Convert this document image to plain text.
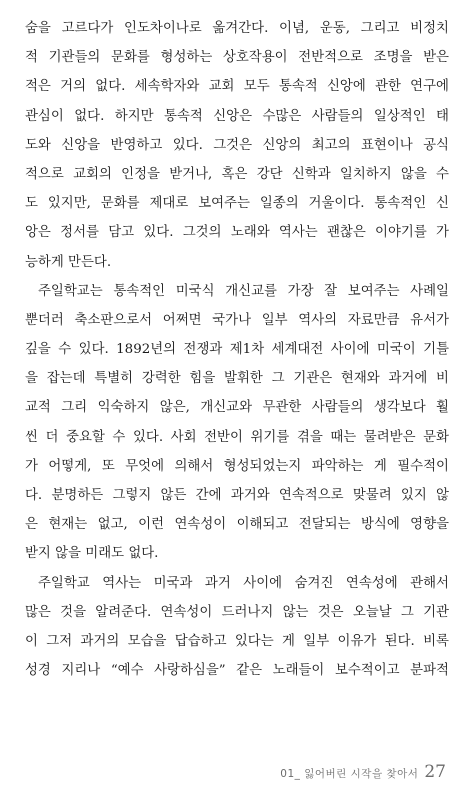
숨을 고르다가 인도차이나로 옮겨간다. 이념, 운동, 그리고 비정치
적 기관들의 문화를 형성하는 상호작용이 전반적으로 조명을 받은
적은 거의 없다. 세속학자와 교회 모두 통속적 신앙에 관한 연구에
관심이 없다. 하지만 통속적 신앙은 수많은 사람들의 일상적인 태
도와 신앙을 반영하고 있다. 그것은 신앙의 최고의 표현이나 공식
적으로 교회의 인정을 받거나, 혹은 강단 신학과 일치하지 않을 수
도 있지만, 문화를 제대로 보여주는 일종의 거울이다. 통속적인 신
앙은 정서를 담고 있다. 그것의 노래와 역사는 괜찮은 이야기를 가
능하게 만든다.
주일학교는 통속적인 미국식 개신교를 가장 잘 보여주는 사례일
뿐더러 축소판으로서 어쩌면 국가나 일부 역사의 자료만큼 유서가
깊을 수 있다. 1892년의 전쟁과 제1차 세계대전 사이에 미국이 기틀
을 잡는데 특별히 강력한 힘을 발휘한 그 기관은 현재와 과거에 비
교적 그리 익숙하지 않은, 개신교와 무관한 사람들의 생각보다 훨
씬 더 중요할 수 있다. 사회 전반이 위기를 겪을 때는 물려받은 문화
가 어떻게, 또 무엇에 의해서 형성되었는지 파악하는 게 필수적이
다. 분명하든 그렇지 않든 간에 과거와 연속적으로 맞물려 있지 않
은 현재는 없고, 이런 연속성이 이해되고 전달되는 방식에 영향을
받지 않을 미래도 없다.
주일학교 역사는 미국과 과거 사이에 숨겨진 연속성에 관해서
많은 것을 알려준다. 연속성이 드러나지 않는 것은 오늘날 그 기관
이 그저 과거의 모습을 답습하고 있다는 게 일부 이유가 된다. 비록
성경 지리나 “예수 사랑하심을” 같은 노래들이 보수적이고 분파적
01_ 잃어버린 시작을 찾아서 27
